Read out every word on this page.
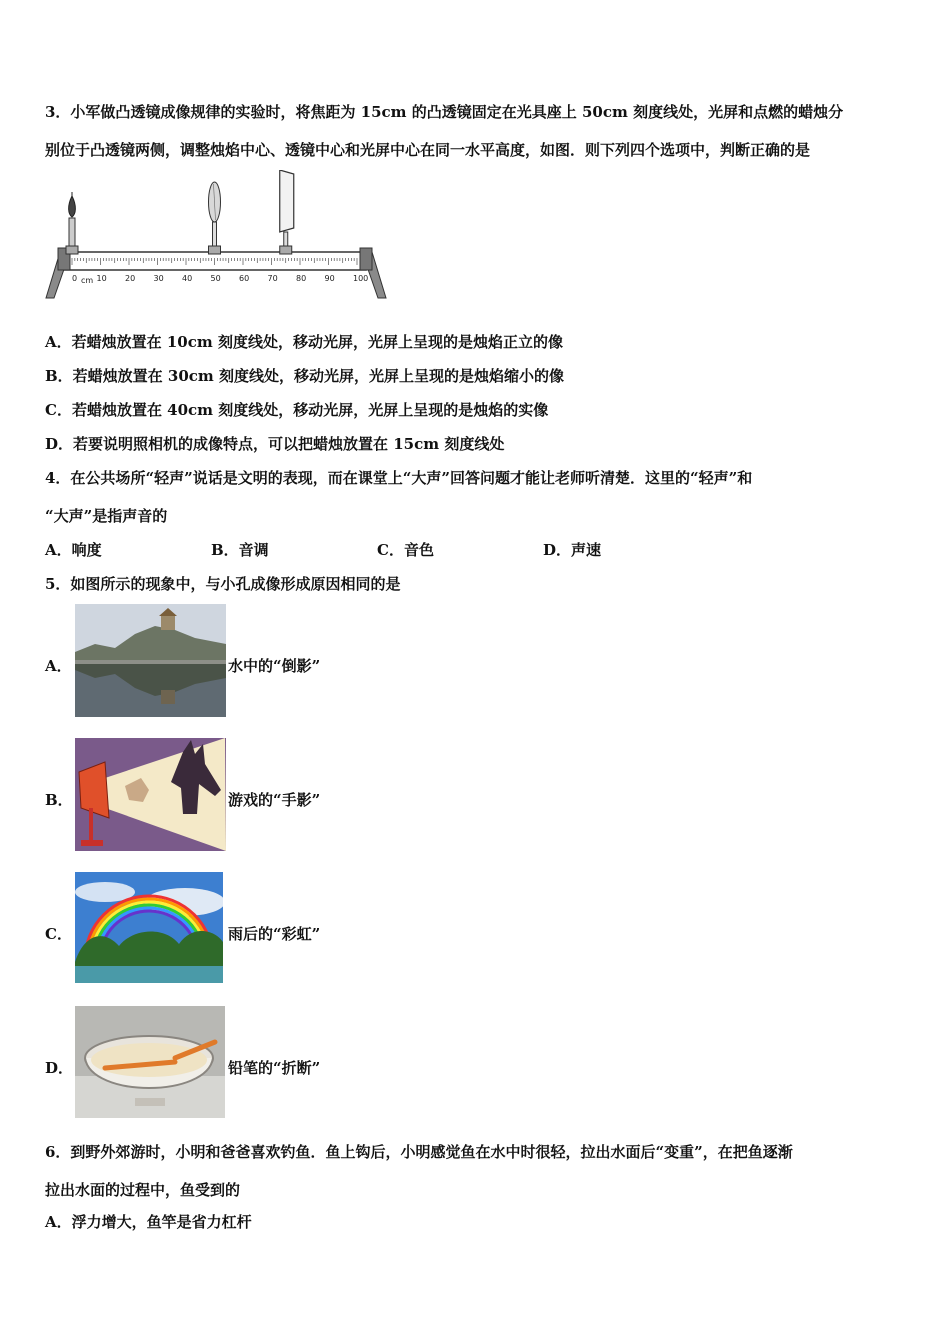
3．小军做凸透镜成像规律的实验时，将焦距为 15cm 的凸透镜固定在光具座上 50cm 刻度线处，光屏和点燃的蜡烛分
别位于凸透镜两侧，调整烛焰中心、透镜中心和光屏中心在同一水平高度，如图．则下列四个选项中，判断正确的是
0 10 20 30 40 50 60 70 80 90 100
cm
A．若蜡烛放置在 10cm 刻度线处，移动光屏，光屏上呈现的是烛焰正立的像
B．若蜡烛放置在 30cm 刻度线处，移动光屏，光屏上呈现的是烛焰缩小的像
C．若蜡烛放置在 40cm 刻度线处，移动光屏，光屏上呈现的是烛焰的实像
D．若要说明照相机的成像特点，可以把蜡烛放置在 15cm 刻度线处
4．在公共场所“轻声”说话是文明的表现，而在课堂上“大声”回答问题才能让老师听清楚．这里的“轻声”和
“大声”是指声音的
A．响度	B．音调	C．音色	D．声速
5．如图所示的现象中，与小孔成像形成原因相同的是
A．	水中的“倒影”
B．	游戏的“手影”
C．	雨后的“彩虹”
D．	铅笔的“折断”
6．到野外郊游时，小明和爸爸喜欢钓鱼．鱼上钩后，小明感觉鱼在水中时很轻，拉出水面后“变重”，在把鱼逐渐
拉出水面的过程中，鱼受到的
A．浮力增大，鱼竿是省力杠杆
